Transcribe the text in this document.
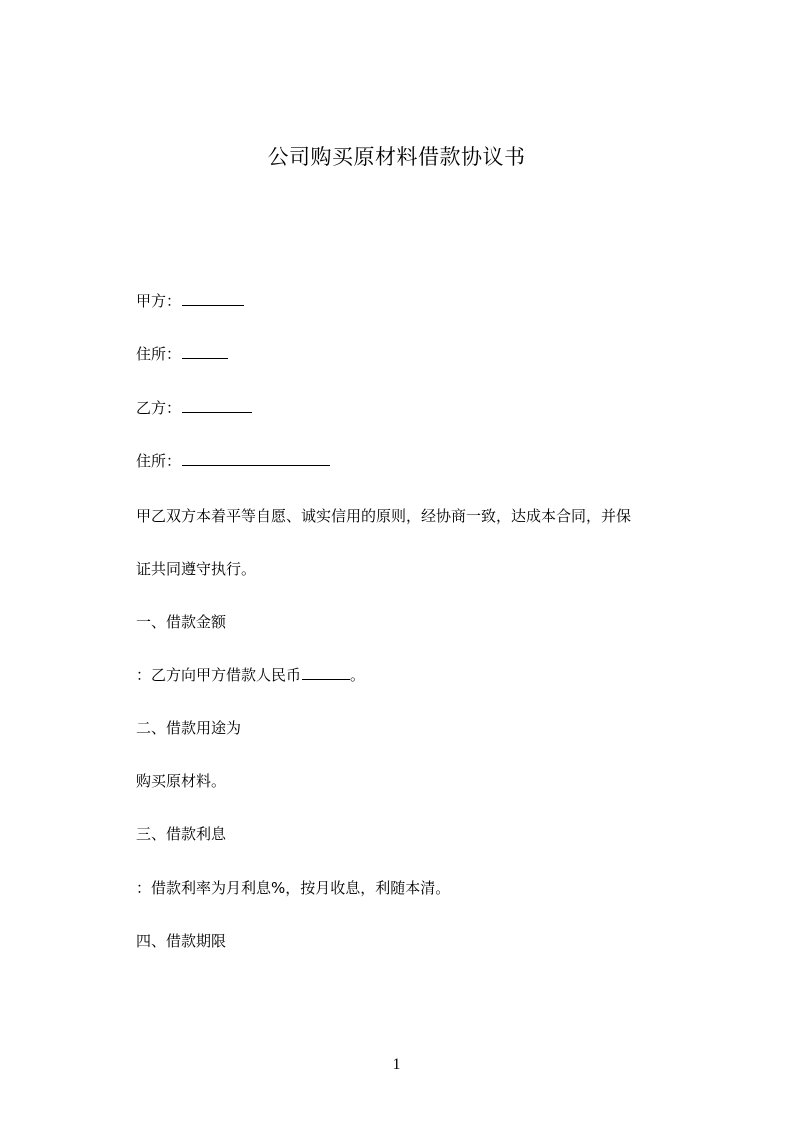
公司购买原材料借款协议书
甲方：
住所：
乙方：
住所：
甲乙双方本着平等自愿、诚实信用的原则，经协商一致，达成本合同，并保
证共同遵守执行。
一、借款金额
：乙方向甲方借款人民币	。
二、借款用途为
购买原材料。
三、借款利息
：借款利率为月利息%，按月收息，利随本清。
四、借款期限
1
